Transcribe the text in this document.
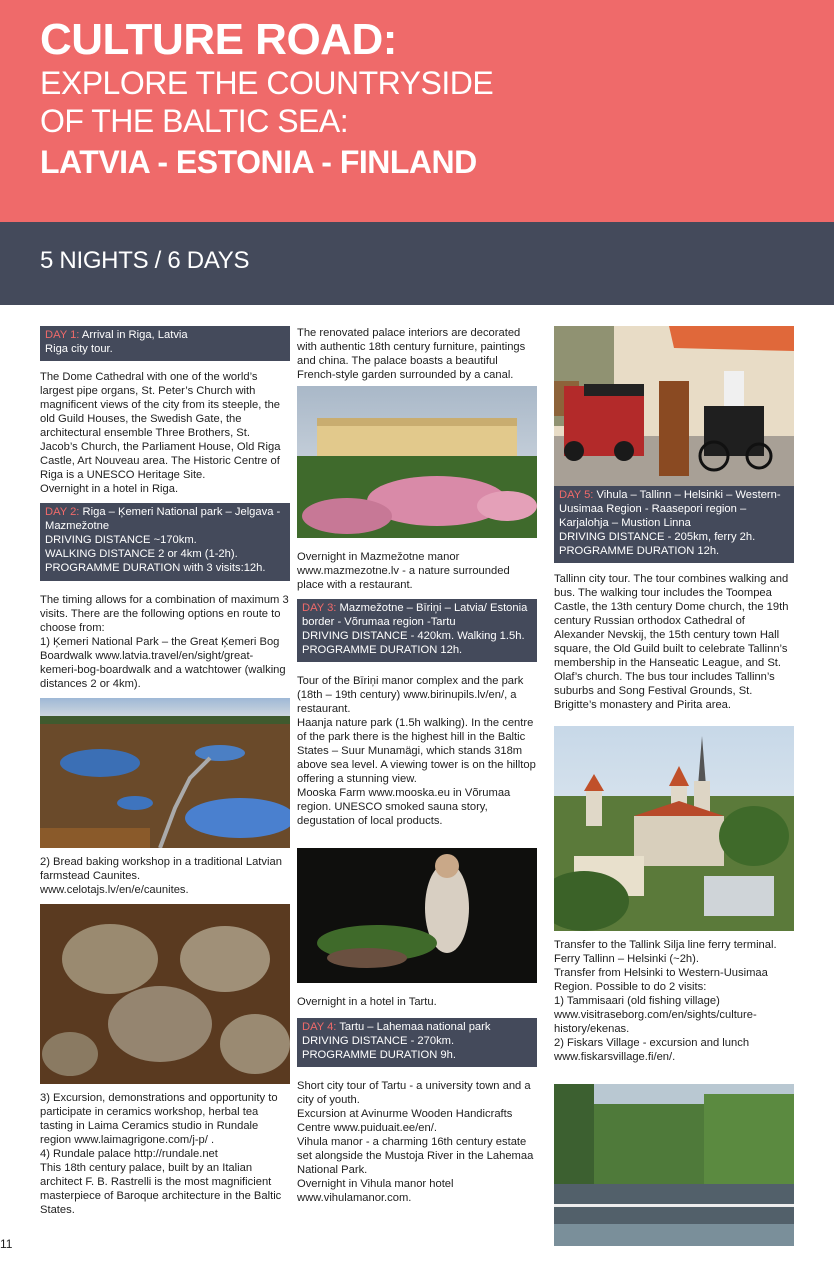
CULTURE ROAD:
EXPLORE THE COUNTRYSIDE
OF THE BALTIC SEA:
LATVIA - ESTONIA - FINLAND
5 NIGHTS / 6 DAYS
DAY 1: Arrival in Riga, Latvia
Riga city tour.

The Dome Cathedral with one of the world’s largest pipe organs, St. Peter’s Church with magnificent views of the city from its steeple, the old Guild Houses, the Swedish Gate, the architectural ensemble Three Brothers, St. Jacob’s Church, the Parliament House, Old Riga Castle, Art Nouveau area. The Historic Centre of Riga is a UNESCO Heritage Site.
Overnight in a hotel in Riga.

DAY 2: Riga – Ķemeri National park – Jelgava - Mazmežotne
DRIVING DISTANCE ~170km.
WALKING DISTANCE 2 or 4km (1-2h).
PROGRAMME DURATION with 3 visits:12h.

The timing allows for a combination of maximum 3 visits. There are the following options en route to choose from:
1) Ķemeri National Park – the Great Ķemeri Bog Boardwalk www.latvia.travel/en/sight/great-kemeri-bog-boardwalk and a watchtower (walking distances 2 or 4km).

2) Bread baking workshop in a traditional Latvian farmstead Caunites. www.celotajs.lv/en/e/caunites.

3) Excursion, demonstrations and opportunity to participate in ceramics workshop, herbal tea tasting in Laima Ceramics studio in Rundale region www.laimagrigone.com/j-p/ .
4) Rundale palace http://rundale.net
This 18th century palace, built by an Italian architect F. B. Rastrelli is the most magnificient masterpiece of Baroque architecture in the Baltic States.

The renovated palace interiors are decorated with authentic 18th century furniture, paintings and china. The palace boasts a beautiful French-style garden surrounded by a canal.

Overnight in Mazmežotne manor www.mazmezotne.lv - a nature surrounded place with a restaurant.

DAY 3: Mazmežotne – Bīriņi – Latvia/ Estonia border - Võrumaa region -Tartu
DRIVING DISTANCE - 420km. Walking 1.5h. PROGRAMME DURATION 12h.

Tour of the Bīriņi manor complex and the park (18th – 19th century) www.birinupils.lv/en/, a restaurant.
Haanja nature park (1.5h walking). In the centre of the park there is the highest hill in the Baltic States – Suur Munamägi, which stands 318m above sea level. A viewing tower is on the hilltop offering a stunning view.
Mooska Farm www.mooska.eu in Võrumaa region. UNESCO smoked sauna story, degustation of local products.

Overnight in a hotel in Tartu.

DAY 4: Tartu – Lahemaa national park
DRIVING DISTANCE - 270km.
PROGRAMME DURATION 9h.

Short city tour of Tartu - a university town and a city of youth.
Excursion at Avinurme Wooden Handicrafts Centre www.puiduait.ee/en/.
Vihula manor - a charming 16th century estate set alongside the Mustoja River in the Lahemaa National Park.
Overnight in Vihula manor hotel www.vihulamanor.com.

DAY 5: Vihula – Tallinn – Helsinki – Western-Uusimaa Region - Raasepori region – Karjalohja – Mustion Linna
DRIVING DISTANCE - 205km, ferry 2h.
PROGRAMME DURATION 12h.

Tallinn city tour. The tour combines walking and bus. The walking tour includes the Toompea Castle, the 13th century Dome church, the 19th century Russian orthodox Cathedral of Alexander Nevskij, the 15th century town Hall square, the Old Guild built to celebrate Tallinn’s membership in the Hanseatic League, and St. Olaf’s church. The bus tour includes Tallinn’s suburbs and Song Festival Grounds, St. Brigitte’s monastery and Pirita area.

Transfer to the Tallink Silja line ferry terminal. Ferry Tallinn – Helsinki (~2h).
Transfer from Helsinki to Western-Uusimaa Region. Possible to do 2 visits:
1) Tammisaari (old fishing village) www.visitraseborg.com/en/sights/culture-history/ekenas.
2) Fiskars Village - excursion and lunch www.fiskarsvillage.fi/en/.

11
